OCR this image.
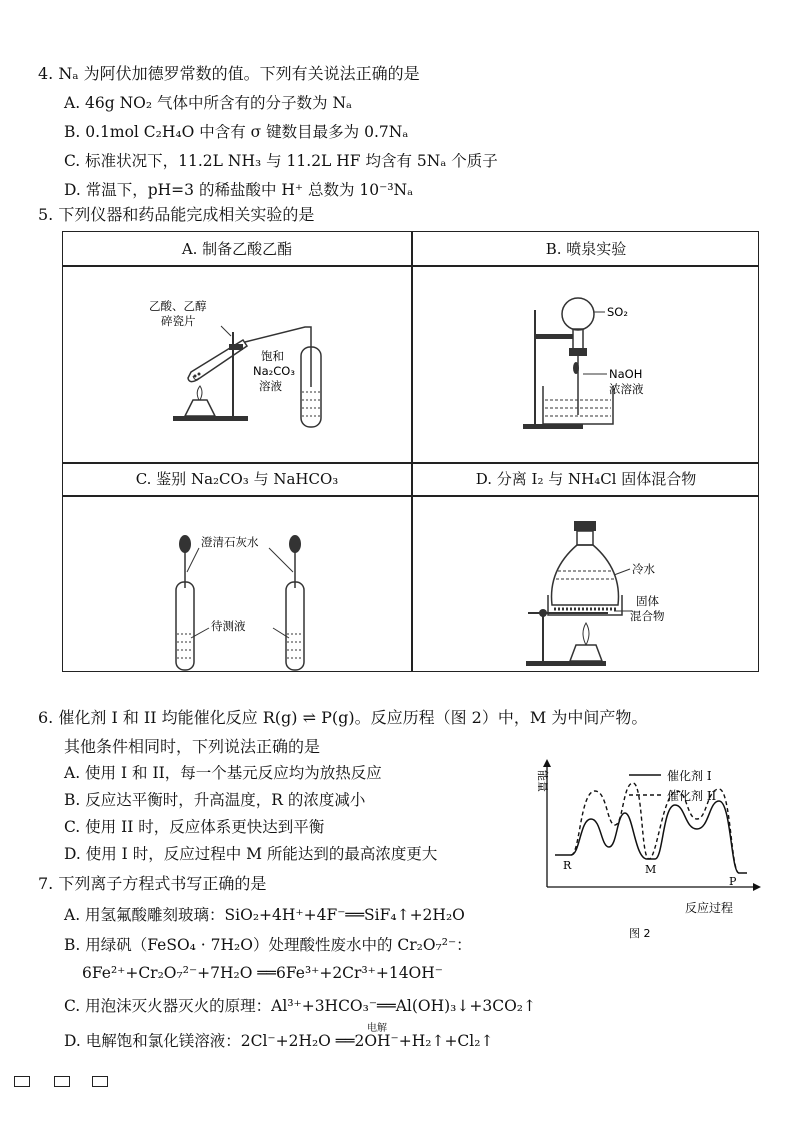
4. Nₐ 为阿伏加德罗常数的值。下列有关说法正确的是
A. 46g NO₂ 气体中所含有的分子数为 Nₐ
B. 0.1mol C₂H₄O 中含有 σ 键数目最多为 0.7Nₐ
C. 标准状况下，11.2L NH₃ 与 11.2L HF 均含有 5Nₐ 个质子
D. 常温下，pH=3 的稀盐酸中 H⁺ 总数为 10⁻³Nₐ
5. 下列仪器和药品能完成相关实验的是
A. 制备乙酸乙酯	B. 喷泉实验
C. 鉴别 Na₂CO₃ 与 NaHCO₃	D. 分离 I₂ 与 NH₄Cl 固体混合物
乙酸、乙醇
碎瓷片
饱和
Na₂CO₃
溶液
SO₂
NaOH
浓溶液
澄清石灰水
待测液
冷水
固体
混合物
6. 催化剂 I 和 II 均能催化反应 R(g) ⇌ P(g)。反应历程（图 2）中，M 为中间产物。
其他条件相同时，下列说法正确的是
A. 使用 I 和 II，每一个基元反应均为放热反应
B. 反应达平衡时，升高温度，R 的浓度减小
C. 使用 II 时，反应体系更快达到平衡
D. 使用 I 时，反应过程中 M 所能达到的最高浓度更大
能量	催化剂 I
催化剂 II
R	M
P
反应过程
图 2
7. 下列离子方程式书写正确的是
A. 用氢氟酸雕刻玻璃：SiO₂+4H⁺+4F⁻══SiF₄↑+2H₂O
B. 用绿矾（FeSO₄ · 7H₂O）处理酸性废水中的 Cr₂O₇²⁻：
6Fe²⁺+Cr₂O₇²⁻+7H₂O ══6Fe³⁺+2Cr³⁺+14OH⁻
C. 用泡沫灭火器灭火的原理：Al³⁺+3HCO₃⁻══Al(OH)₃↓+3CO₂↑
D. 电解饱和氯化镁溶液：2Cl⁻+2H₂O ══2OH⁻+H₂↑+Cl₂↑
电解
